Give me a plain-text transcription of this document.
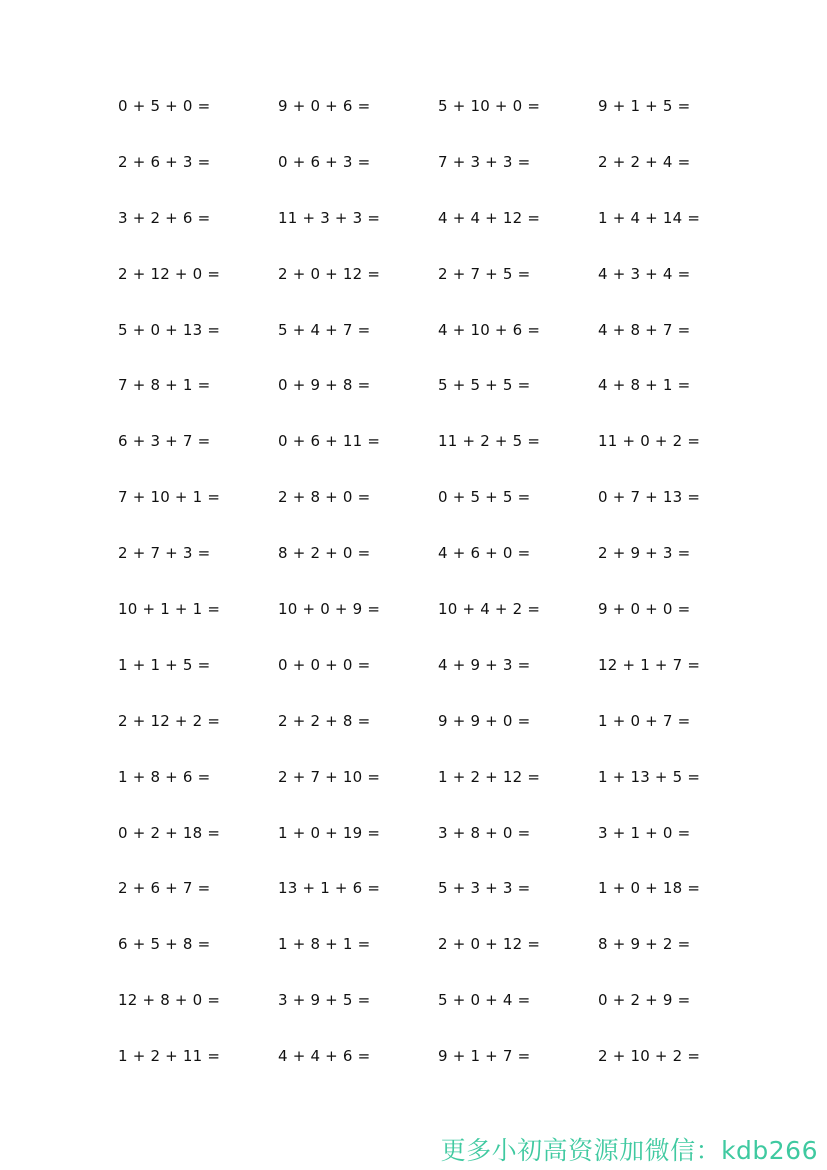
0 + 5 + 0 =	9 + 0 + 6 =	5 + 10 + 0 =	9 + 1 + 5 =
2 + 6 + 3 =	0 + 6 + 3 =	7 + 3 + 3 =	2 + 2 + 4 =
3 + 2 + 6 =	11 + 3 + 3 =	4 + 4 + 12 =	1 + 4 + 14 =
2 + 12 + 0 =	2 + 0 + 12 =	2 + 7 + 5 =	4 + 3 + 4 =
5 + 0 + 13 =	5 + 4 + 7 =	4 + 10 + 6 =	4 + 8 + 7 =
7 + 8 + 1 =	0 + 9 + 8 =	5 + 5 + 5 =	4 + 8 + 1 =
6 + 3 + 7 =	0 + 6 + 11 =	11 + 2 + 5 =	11 + 0 + 2 =
7 + 10 + 1 =	2 + 8 + 0 =	0 + 5 + 5 =	0 + 7 + 13 =
2 + 7 + 3 =	8 + 2 + 0 =	4 + 6 + 0 =	2 + 9 + 3 =
10 + 1 + 1 =	10 + 0 + 9 =	10 + 4 + 2 =	9 + 0 + 0 =
1 + 1 + 5 =	0 + 0 + 0 =	4 + 9 + 3 =	12 + 1 + 7 =
2 + 12 + 2 =	2 + 2 + 8 =	9 + 9 + 0 =	1 + 0 + 7 =
1 + 8 + 6 =	2 + 7 + 10 =	1 + 2 + 12 =	1 + 13 + 5 =
0 + 2 + 18 =	1 + 0 + 19 =	3 + 8 + 0 =	3 + 1 + 0 =
2 + 6 + 7 =	13 + 1 + 6 =	5 + 3 + 3 =	1 + 0 + 18 =
6 + 5 + 8 =	1 + 8 + 1 =	2 + 0 + 12 =	8 + 9 + 2 =
12 + 8 + 0 =	3 + 9 + 5 =	5 + 0 + 4 =	0 + 2 + 9 =
1 + 2 + 11 =	4 + 4 + 6 =	9 + 1 + 7 =	2 + 10 + 2 =
更多小初高资源加微信：kdb266
